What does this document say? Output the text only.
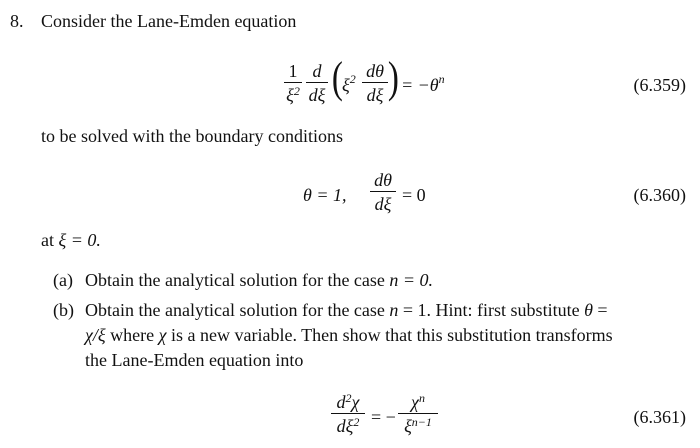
8. Consider the Lane-Emden equation
$\frac{1}{\xi^2} \frac{d}{d\xi}$ ( $\xi^2 \frac{d\theta}{d\xi}$ ) = $-\theta^n$	(6.359)
to be solved with the boundary conditions
θ = 1, $\frac{d\theta}{d\xi} = 0$	(6.360)
at ξ = 0.
(a) Obtain the analytical solution for the case n = 0.
(b) Obtain the analytical solution for the case n = 1. Hint: first substitute θ =
χ/ξ where χ is a new variable. Then show that this substitution transforms
the Lane-Emden equation into
$\frac{d^2\chi}{d\xi^2}$ = − $\frac{\chi^n}{\xi^{n-1}}$	(6.361)
